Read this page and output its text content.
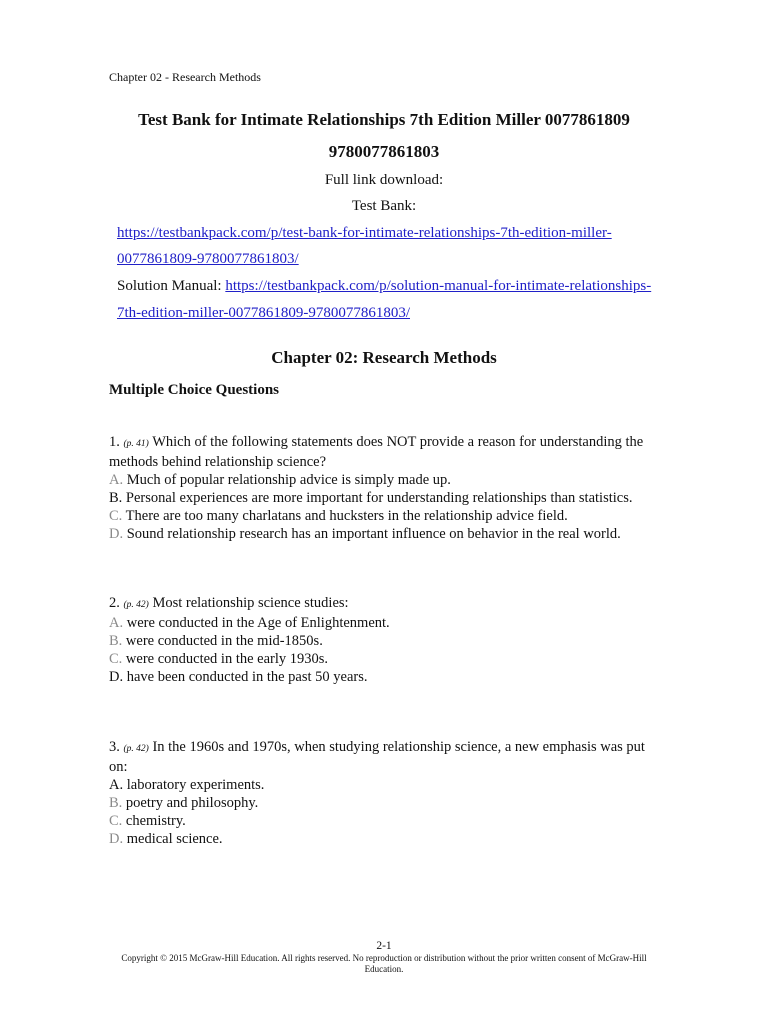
Chapter 02 - Research Methods
Test Bank for Intimate Relationships 7th Edition Miller 0077861809
9780077861803
Full link download:
Test Bank:
https://testbankpack.com/p/test-bank-for-intimate-relationships-7th-edition-miller-
0077861809-9780077861803/
Solution Manual: https://testbankpack.com/p/solution-manual-for-intimate-relationships-
7th-edition-miller-0077861809-9780077861803/
Chapter 02: Research Methods
Multiple Choice Questions
1. (p. 41) Which of the following statements does NOT provide a reason for understanding the
methods behind relationship science?
A. Much of popular relationship advice is simply made up.
B. Personal experiences are more important for understanding relationships than statistics.
C. There are too many charlatans and hucksters in the relationship advice field.
D. Sound relationship research has an important influence on behavior in the real world.
2. (p. 42) Most relationship science studies:
A. were conducted in the Age of Enlightenment.
B. were conducted in the mid-1850s.
C. were conducted in the early 1930s.
D. have been conducted in the past 50 years.
3. (p. 42) In the 1960s and 1970s, when studying relationship science, a new emphasis was put
on:
A. laboratory experiments.
B. poetry and philosophy.
C. chemistry.
D. medical science.
2-1
Copyright © 2015 McGraw-Hill Education. All rights reserved. No reproduction or distribution without the prior written consent of McGraw-Hill Education.
